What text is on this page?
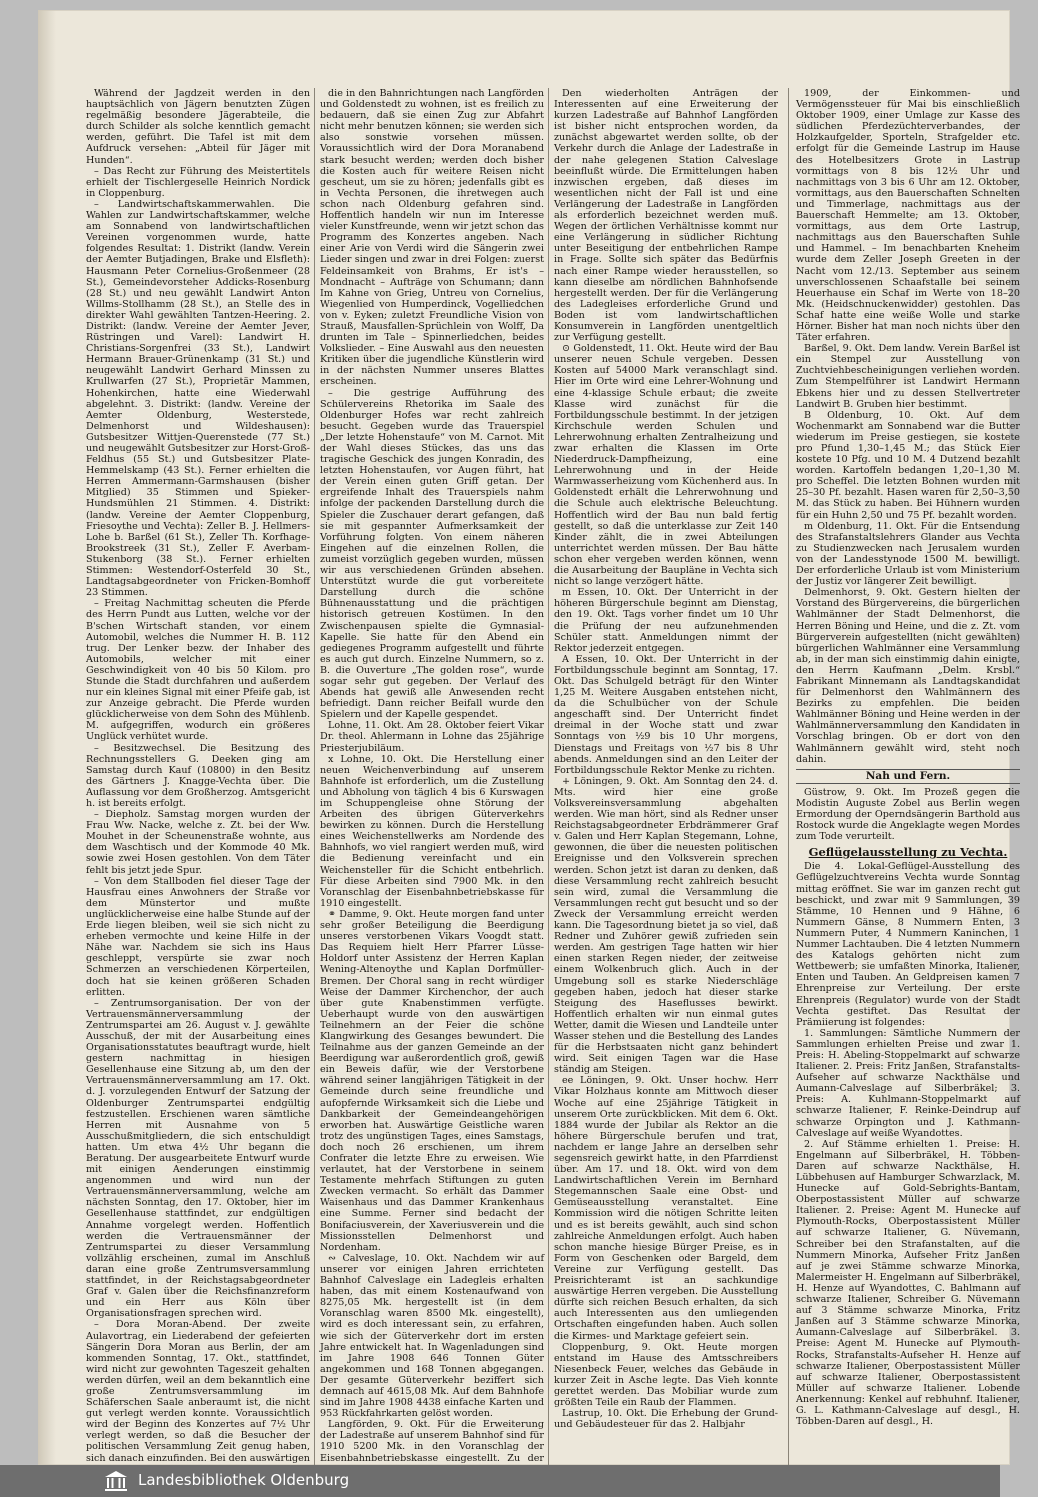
Während der Jagdzeit werden in den hauptsächlich von Jägern benutzten Zügen regelmäßig besondere Jägerabteile, die durch Schilder als solche kenntlich gemacht werden, geführt. Die Tafel ist mit dem Aufdruck versehen: „Abteil für Jäger mit Hunden“.

– Das Recht zur Führung des Meistertitels erhielt der Tischlergeselle Heinrich Nordick in Cloppenburg.

– Landwirtschaftskammerwahlen. Die Wahlen zur Landwirtschaftskammer, welche am Sonnabend von landwirtschaftlichen Vereinen vorgenommen wurde, hatte folgendes Resultat: 1. Distrikt (landw. Verein der Aemter Butjadingen, Brake und Elsfleth): Hausmann Peter Cornelius-Großenmeer (28 St.), Gemeindevorsteher Addicks-Rosenburg (28 St.) und neu gewählt Landwirt Anton Willms-Stollhamm (28 St.), an Stelle des in direkter Wahl gewählten Tantzen-Heering. 2. Distrikt: (landw. Vereine der Aemter Jever, Rüstringen und Varel): Landwirt H. Christians-Sorgenfrei (33 St.), Landwirt Hermann Brauer-Grünenkamp (31 St.) und neugewählt Landwirt Gerhard Minssen zu Krullwarfen (27 St.), Proprietär Mammen, Hohenkirchen, hatte eine Wiederwahl abgelehnt. 3. Distrikt: (landw. Vereine der Aemter Oldenburg, Westerstede, Delmenhorst und Wildeshausen): Gutsbesitzer Wittjen-Querenstede (77 St.) und neugewählt Gutsbesitzer zur Horst-Groß-Feldhus (55 St.) und Gutsbesitzer Plate-Hemmelskamp (43 St.). Ferner erhielten die Herren Ammermann-Garmshausen (bisher Mitglied) 35 Stimmen und Spieker-Hundsmühlen 21 Stimmen. 4. Distrikt: (landw. Vereine der Aemter Cloppenburg, Friesoythe und Vechta): Zeller B. J. Hellmers-Lohe b. Barßel (61 St.), Zeller Th. Korfhage-Brookstreek (31 St.), Zeller F. Averbam-Stukenborg (38 St.). Ferner erhielten Stimmen: Westendorf-Osterfeld 30 St., Landtagsabgeordneter von Fricken-Bomhoff 23 Stimmen.

– Freitag Nachmittag scheuten die Pferde des Herrn Pundt aus Lutten, welche vor der B'schen Wirtschaft standen, vor einem Automobil, welches die Nummer H. B. 112 trug. Der Lenker bezw. der Inhaber des Automobils, welcher mit einer Geschwindigkeit von 40 bis 50 Kilom. pro Stunde die Stadt durchfahren und außerdem nur ein kleines Signal mit einer Pfeife gab, ist zur Anzeige gebracht. Die Pferde wurden glücklicherweise von dem Sohn des Mühlenb. M. aufgegriffen, wodurch ein größeres Unglück verhütet wurde.

– Besitzwechsel. Die Besitzung des Rechnungsstellers G. Deeken ging am Samstag durch Kauf (10800) in den Besitz des Gärtners J. Knagge-Vechta über. Die Auflassung vor dem Großherzog. Amtsgericht h. ist bereits erfolgt.

– Diepholz. Samstag morgen wurden der Frau Ww. Nacke, welche z. Zt. bei der Ww. Mouhet in der Scheunenstraße wohnte, aus dem Waschtisch und der Kommode 40 Mk. sowie zwei Hosen gestohlen. Von dem Täter fehlt bis jetzt jede Spur.

– Von dem Stallboden fiel dieser Tage der Hausfrau eines Anwohners der Straße vor dem Münstertor und mußte unglücklicherweise eine halbe Stunde auf der Erde liegen bleiben, weil sie sich nicht zu erheben vermochte und keine Hilfe in der Nähe war. Nachdem sie sich ins Haus geschleppt, verspürte sie zwar noch Schmerzen an verschiedenen Körperteilen, doch hat sie keinen größeren Schaden erlitten.

– Zentrumsorganisation. Der von der Vertrauensmännerversammlung der Zentrumspartei am 26. August v. J. gewählte Ausschuß, der mit der Ausarbeitung eines Organisationsstatutes beauftragt wurde, hielt gestern nachmittag in hiesigen Gesellenhause eine Sitzung ab, um den der Vertrauensmännerversammlung am 17. Okt. d. J. vorzulegenden Entwurf der Satzung der Oldenburger Zentrumspartei endgültig festzustellen. Erschienen waren sämtliche Herren mit Ausnahme von 5 Ausschußmitgliedern, die sich entschuldigt hatten. Um etwa 4½ Uhr begann die Beratung. Der ausgearbeitete Entwurf wurde mit einigen Aenderungen einstimmig angenommen und wird nun der Vertrauensmännerversammlung, welche am nächsten Sonntag, den 17. Oktober, hier im Gesellenhause stattfindet, zur endgültigen Annahme vorgelegt werden. Hoffentlich werden die Vertrauensmänner der Zentrumspartei zu dieser Versammlung vollzählig erscheinen, zumal im Anschluß daran eine große Zentrumsversammlung stattfindet, in der Reichstagsabgeordneter Graf v. Galen über die Reichsfinanzreform und ein Herr aus Köln über Organisationsfragen sprechen wird.

– Dora Moran-Abend. Der zweite Aulavortrag, ein Liederabend der gefeierten Sängerin Dora Moran aus Berlin, der am kommenden Sonntag, 17. Okt., stattfindet, wird nicht zur gewohnten Tageszeit gehalten werden dürfen, weil an dem bekanntlich eine große Zentrumsversammlung im Schäferschen Saale anberaumt ist, die nicht gut verlegt werden konnte. Voraussichtlich wird der Beginn des Konzertes auf 7½ Uhr verlegt werden, so daß die Besucher der politischen Versammlung Zeit genug haben, sich danach einzufinden. Bei den auswärtigen

die in den Bahnrichtungen nach Langförden und Goldenstedt zu wohnen, ist es freilich zu bedauern, daß sie einen Zug zur Abfahrt nicht mehr benutzen können; sie werden sich also sonstwie vorsehen müssen. Voraussichtlich wird der Dora Moranabend stark besucht werden; werden doch bisher die Kosten auch für weitere Reisen nicht gescheut, um sie zu hören; jedenfalls gibt es in Vechta Personen, die ihretwegen auch schon nach Oldenburg gefahren sind. Hoffentlich handeln wir nun im Interesse vieler Kunstfreunde, wenn wir jetzt schon das Programm des Konzertes angeben. Nach einer Arie von Verdi wird die Sängerin zwei Lieder singen und zwar in drei Folgen: zuerst Feldeinsamkeit von Brahms, Er ist's – Mondnacht – Aufträge von Schumann; dann Im Kahne von Grieg, Untreu von Cornelius, Wiegenlied von Humperdinck, Vogelliedchen von v. Eyken; zuletzt Freundliche Vision von Strauß, Mausfallen-Sprüchlein von Wolff, Da drunten im Tale – Spinnerliedchen, beides Volkslieder. – Eine Auswahl aus den neuesten Kritiken über die jugendliche Künstlerin wird in der nächsten Nummer unseres Blattes erscheinen.

– Die gestrige Aufführung des Schülervereins Rhetorika im Saale des Oldenburger Hofes war recht zahlreich besucht. Gegeben wurde das Trauerspiel „Der letzte Hohenstaufe“ von M. Carnot. Mit der Wahl dieses Stückes, das uns das tragische Geschick des jungen Konradin, des letzten Hohenstaufen, vor Augen führt, hat der Verein einen guten Griff getan. Der ergreifende Inhalt des Trauerspiels nahm infolge der packenden Darstellung durch die Spieler die Zuschauer derart gefangen, daß sie mit gespannter Aufmerksamkeit der Vorführung folgten. Von einem näheren Eingehen auf die einzelnen Rollen, die zumeist vorzüglich gegeben wurden, müssen wir aus verschiedenen Gründen absehen. Unterstützt wurde die gut vorbereitete Darstellung durch die schöne Bühnenausstattung und die prächtigen historisch getreuen Kostümen. In den Zwischenpausen spielte die Gymnasial-Kapelle. Sie hatte für den Abend ein gediegenes Programm aufgestellt und führte es auch gut durch. Einzelne Nummern, so z. B. die Ouverture „The golden rose“, wurde sogar sehr gut gegeben. Der Verlauf des Abends hat gewiß alle Anwesenden recht befriedigt. Dann reicher Beifall wurde den Spielern und der Kapelle gespendet.

Lohne, 11. Okt. Am 28. Oktober feiert Vikar Dr. theol. Ahlermann in Lohne das 25jährige Priesterjubiläum.

x Lohne, 10. Okt. Die Herstellung einer neuen Weichenverbindung auf unserem Bahnhofe ist erforderlich, um die Zustellung und Abholung von täglich 4 bis 6 Kurswagen im Schuppengleise ohne Störung der Arbeiten des übrigen Güterverkehrs bewirken zu können. Durch die Herstellung eines Weichenstellwerks am Nordende des Bahnhofs, wo viel rangiert werden muß, wird die Bedienung vereinfacht und ein Weichensteller für die Schicht entbehrlich. Für diese Arbeiten sind 7900 Mk. in den Voranschlag der Eisenbahnbetriebskasse für 1910 eingestellt.

⚭ Damme, 9. Okt. Heute morgen fand unter sehr großer Beteiligung die Beerdigung unseres verstorbenen Vikars Voogdt statt. Das Requiem hielt Herr Pfarrer Lüsse-Holdorf unter Assistenz der Herren Kaplan Wening-Altenoythe und Kaplan Dorfmüller-Bremen. Der Choral sang in recht würdiger Weise der Dammer Kirchenchor, der auch über gute Knabenstimmen verfügte. Ueberhaupt wurde von den auswärtigen Teilnehmern an der Feier die schöne Klangwirkung des Gesanges bewundert. Die Teilnahme aus der ganzen Gemeinde an der Beerdigung war außerordentlich groß, gewiß ein Beweis dafür, wie der Verstorbene während seiner langjährigen Tätigkeit in der Gemeinde durch seine freundliche und aufopfernde Wirksamkeit sich die Liebe und Dankbarkeit der Gemeindeangehörigen erworben hat. Auswärtige Geistliche waren trotz des ungünstigen Tages, eines Samstags, doch noch 26 erschienen, um ihrem Confrater die letzte Ehre zu erweisen. Wie verlautet, hat der Verstorbene in seinem Testamente mehrfach Stiftungen zu guten Zwecken vermacht. So erhält das Dammer Waisenhaus und das Dammer Krankenhaus eine Summe. Ferner sind bedacht der Bonifaciusverein, der Xaveriusverein und die Missionsstellen Delmenhorst und Nordenham.

∾ Calveslage, 10. Okt. Nachdem wir auf unserer vor einigen Jahren errichteten Bahnhof Calveslage ein Ladegleis erhalten haben, das mit einem Kostenaufwand von 8275,05 Mk. hergestellt ist (in dem Voranschlag waren 8500 Mk. eingestellt), wird es doch interessant sein, zu erfahren, wie sich der Güterverkehr dort im ersten Jahre entwickelt hat. In Wagenladungen sind im Jahre 1908 646 Tonnen Güter angekommen und 168 Tonnen abgegangen. Der gesamte Güterverkehr beziffert sich demnach auf 4615,08 Mk. Auf dem Bahnhofe sind im Jahre 1908 4438 einfache Karten und 953 Rückfahrkarten gelöst worden.

Langförden, 9. Okt. Für die Erweiterung der Ladestraße auf unserem Bahnhof sind für 1910 5200 Mk. in den Voranschlag der Eisenbahnbetriebskasse eingestellt. Zu der

Den wiederholten Anträgen der Interessenten auf eine Erweiterung der kurzen Ladestraße auf Bahnhof Langförden ist bisher nicht entsprochen worden, da zunächst abgewartet werden sollte, ob der Verkehr durch die Anlage der Ladestraße in der nahe gelegenen Station Calveslage beeinflußt würde. Die Ermittelungen haben inzwischen ergeben, daß dieses im wesentlichen nicht der Fall ist und eine Verlängerung der Ladestraße in Langförden als erforderlich bezeichnet werden muß. Wegen der örtlichen Verhältnisse kommt nur eine Verlängerung in südlicher Richtung unter Beseitigung der entbehrlichen Rampe in Frage. Sollte sich später das Bedürfnis nach einer Rampe wieder herausstellen, so kann dieselbe am nördlichen Bahnhofsende hergestellt werden. Der für die Verlängerung des Ladegleises erforderliche Grund und Boden ist vom landwirtschaftlichen Konsumverein in Langförden unentgeltlich zur Verfügung gestellt.

⊙ Goldenstedt, 11. Okt. Heute wird der Bau unserer neuen Schule vergeben. Dessen Kosten auf 54000 Mark veranschlagt sind. Hier im Orte wird eine Lehrer-Wohnung und eine 4-klassige Schule erbaut; die zweite Klasse wird zunächst für die Fortbildungsschule bestimmt. In der jetzigen Kirchschule werden Schulen und Lehrerwohnung erhalten Zentralheizung und zwar erhalten die Klassen im Orte Niederdruck-Dampfheizung, eine Lehrerwohnung und in der Heide Warmwasserheizung vom Küchenherd aus. In Goldenstedt erhält die Lehrerwohnung und die Schule auch elektrische Beleuchtung. Hoffentlich wird der Bau nun bald fertig gestellt, so daß die unterklasse zur Zeit 140 Kinder zählt, die in zwei Abteilungen unterrichtet werden müssen. Der Bau hätte schon eher vergeben werden können, wenn die Ausarbeitung der Baupläne in Vechta sich nicht so lange verzögert hätte.

m Essen, 10. Okt. Der Unterricht in der höheren Bürgerschule beginnt am Dienstag, den 19. Okt. Tags vorher findet um 10 Uhr die Prüfung der neu aufzunehmenden Schüler statt. Anmeldungen nimmt der Rektor jederzeit entgegen.

A Essen, 10. Okt. Der Unterricht in der Fortbildungsschule beginnt am Sonntag, 17. Okt. Das Schulgeld beträgt für den Winter 1,25 M. Weitere Ausgaben entstehen nicht, da die Schulbücher von der Schule angeschafft sind. Der Unterricht findet dreimal in der Woche statt und zwar Sonntags von ½9 bis 10 Uhr morgens, Dienstags und Freitags von ½7 bis 8 Uhr abends. Anmeldungen sind an den Leiter der Fortbildungsschule Rektor Menke zu richten.

+ Löningen, 9. Okt. Am Sonntag den 24. d. Mts. wird hier eine große Volksvereinsversammlung abgehalten werden. Wie man hört, sind als Redner unser Reichstagsabgeordneter Erbdrämmerer Graf v. Galen und Herr Kaplan Stegemann, Lohne, gewonnen, die über die neuesten politischen Ereignisse und den Volksverein sprechen werden. Schon jetzt ist daran zu denken, daß diese Versammlung recht zahlreich besucht sein wird, zumal die Versammlung die Versammlungen recht gut besucht und so der Zweck der Versammlung erreicht werden kann. Die Tagesordnung bietet ja so viel, daß Redner und Zuhörer gewiß zufrieden sein werden. Am gestrigen Tage hatten wir hier einen starken Regen nieder, der zeitweise einem Wolkenbruch glich. Auch in der Umgebung soll es starke Niederschläge gegeben haben, jedoch hat dieser starke Steigung des Haseflusses bewirkt. Hoffentlich erhalten wir nun einmal gutes Wetter, damit die Wiesen und Landteile unter Wasser stehen und die Bestellung des Landes für die Herbstsaaten nicht ganz behindert wird. Seit einigen Tagen war die Hase ständig am Steigen.

ee Löningen, 9. Okt. Unser hochw. Herr Vikar Holzhaus konnte am Mittwoch dieser Woche auf eine 25jährige Tätigkeit in unserem Orte zurückblicken. Mit dem 6. Okt. 1884 wurde der Jubilar als Rektor an die höhere Bürgerschule berufen und trat, nachdem er lange Jahre an derselben sehr segensreich gewirkt hatte, in den Pfarrdienst über. Am 17. und 18. Okt. wird von dem Landwirtschaftlichen Verein im Bernhard Stegemannschen Saale eine Obst- und Gemüseausstellung veranstaltet. Eine Kommission wird die nötigen Schritte leiten und es ist bereits gewählt, auch sind schon zahlreiche Anmeldungen erfolgt. Auch haben schon manche hiesige Bürger Preise, es in Form von Geschenken oder Bargeld, dem Vereine zur Verfügung gestellt. Das Preisrichteramt ist an sachkundige auswärtige Herren vergeben. Die Ausstellung dürfte sich reichen Besuch erhalten, da sich auch Interessenten aus den umliegenden Ortschaften eingefunden haben. Auch sollen die Kirmes- und Marktage gefeiert sein.

Cloppenburg, 9. Okt. Heute morgen entstand im Hause des Amtsschreibers Niesenbeck Feuer, welches das Gebäude in kurzer Zeit in Asche legte. Das Vieh konnte gerettet werden. Das Mobiliar wurde zum größten Teile ein Raub der Flammen.

Lastrup, 10. Okt. Die Erhebung der Grund- und Gebäudesteuer für das 2. Halbjahr

1909, der Einkommen- und Vermögenssteuer für Mai bis einschließlich Oktober 1909, einer Umlage zur Kasse des südlichen Pferdezüchterverbandes, der Holzkaufgelder, Sporteln, Strafgelder etc. erfolgt für die Gemeinde Lastrup im Hause des Hotelbesitzers Grote in Lastrup vormittags von 8 bis 12½ Uhr und nachmittags von 3 bis 6 Uhr am 12. Oktober, vormittags, aus den Bauerschaften Schnelten und Timmerlage, nachmittags aus der Bauerschaft Hemmelte; am 13. Oktober, vormittags, aus dem Orte Lastrup, nachmittags aus den Bauerschaften Suhle und Hammel. – Im benachbarten Kneheim wurde dem Zeller Joseph Greeten in der Nacht vom 12./13. September aus seinem unverschlossenen Schaafstalle bei seinem Heuerhause ein Schaf im Werte von 18–20 Mk. (Heidschnuckenwidder) gestohlen. Das Schaf hatte eine weiße Wolle und starke Hörner. Bisher hat man noch nichts über den Täter erfahren.

Barßel, 9. Okt. Dem landw. Verein Barßel ist ein Stempel zur Ausstellung von Zuchtviehbescheinigungen verliehen worden. Zum Stempelführer ist Landwirt Hermann Ebkens hier und zu dessen Stellvertreter Landwirt B. Gruben hier bestimmt.

B Oldenburg, 10. Okt. Auf dem Wochenmarkt am Sonnabend war die Butter wiederum im Preise gestiegen, sie kostete pro Pfund 1,30–1,45 M.; das Stück Eier kostete 10 Pfg. und 10 M. 4 Dutzend bezahlt worden. Kartoffeln bedangen 1,20–1,30 M. pro Scheffel. Die letzten Bohnen wurden mit 25–30 Pf. bezahlt. Hasen waren für 2,50–3,50 M. das Stück zu haben. Bei Hühnern wurden für ein Huhn 2,50 und 75 Pf. bezahlt worden.

m Oldenburg, 11. Okt. Für die Entsendung des Strafanstaltslehrers Glander aus Vechta zu Studienzwecken nach Jerusalem wurden von der Landesstynode 1500 M. bewilligt. Der erforderliche Urlaub ist vom Ministerium der Justiz vor längerer Zeit bewilligt.

Delmenhorst, 9. Okt. Gestern hielten der Vorstand des Bürgervereins, die bürgerlichen Wahlmänner der Stadt Delmenhorst, die Herren Böning und Heine, und die z. Zt. vom Bürgerverein aufgestellten (nicht gewählten) bürgerlichen Wahlmänner eine Versammlung ab, in der man sich einstimmig dahin einigte, den Herrn Kaufmann „Delm. Krsbl.“ Fabrikant Minnemann als Landtagskandidat für Delmenhorst den Wahlmännern des Bezirks zu empfehlen. Die beiden Wahlmänner Böning und Heine werden in der Wahlmännerversammlung den Kandidaten in Vorschlag bringen. Ob er dort von den Wahlmännern gewählt wird, steht noch dahin.

Nah und Fern.

Güstrow, 9. Okt. Im Prozeß gegen die Modistin Auguste Zobel aus Berlin wegen Ermordung der Operndsängerin Barthold aus Rostock wurde die Angeklagte wegen Mordes zum Tode verurteilt.

Geflügelausstellung zu Vechta.

Die 4. Lokal-Geflügel-Ausstellung des Geflügelzuchtvereins Vechta wurde Sonntag mittag eröffnet. Sie war im ganzen recht gut beschickt, und zwar mit 9 Sammlungen, 39 Stämme, 10 Hennen und 9 Hähne, 6 Nummern Gänse, 8 Nummern Enten, 3 Nummern Puter, 4 Nummern Kaninchen, 1 Nummer Lachtauben. Die 4 letzten Nummern des Katalogs gehörten nicht zum Wettbewerb; sie umfaßten Minorka, Italiener, Enten und Tauben. An Geldpreisen kamen 7 Ehrenpreise zur Verteilung. Der erste Ehrenpreis (Regulator) wurde von der Stadt Vechta gestiftet. Das Resultat der Prämiierung ist folgendes:

1. Sammlungen: Sämtliche Nummern der Sammlungen erhielten Preise und zwar 1. Preis: H. Abeling-Stoppelmarkt auf schwarze Italiener. 2. Preis: Fritz Janßen, Strafanstalts-Aufseher auf schwarze Nackthälse und Aumann-Calveslage auf Silberbräkel; 3. Preis: A. Kuhlmann-Stoppelmarkt auf schwarze Italiener, F. Reinke-Deindrup auf schwarze Orpington und J. Kathmann-Calveslage auf weiße Wyandottes.

2. Auf Stämme erhielten 1. Preise: H. Engelmann auf Silberbräkel, H. Többen-Daren auf schwarze Nackthälse, H. Lübbehusen auf Hamburger Schwarzlack, M. Hunecke auf Gold-Sebrights-Bantam, Oberpostassistent Müller auf schwarze Italiener. 2. Preise: Agent M. Hunecke auf Plymouth-Rocks, Oberpostassistent Müller auf schwarze Italiener, G. Nüvemann, Schreiber bei den Strafanstalten, auf die Nummern Minorka, Aufseher Fritz Janßen auf je zwei Stämme schwarze Minorka, Malermeister H. Engelmann auf Silberbräkel, H. Henze auf Wyandottes, C. Bahlmann auf schwarze Italiener, Schreiber G. Nüvemann auf 3 Stämme schwarze Minorka, Fritz Janßen auf 3 Stämme schwarze Minorka, Aumann-Calveslage auf Silberbräkel. 3. Preise: Agent M. Hunecke auf Plymouth-Rocks, Strafanstalts-Aufseher H. Henze auf schwarze Italiener, Oberpostassistent Müller auf schwarze Italiener, Oberpostassistent Müller auf schwarze Italiener. Lobende Anerkennung: Kenkel auf rebhuhnf. Italiener, G. L. Kathmann-Calveslage auf desgl., H. Többen-Daren auf desgl., H.

Landesbibliothek Oldenburg
